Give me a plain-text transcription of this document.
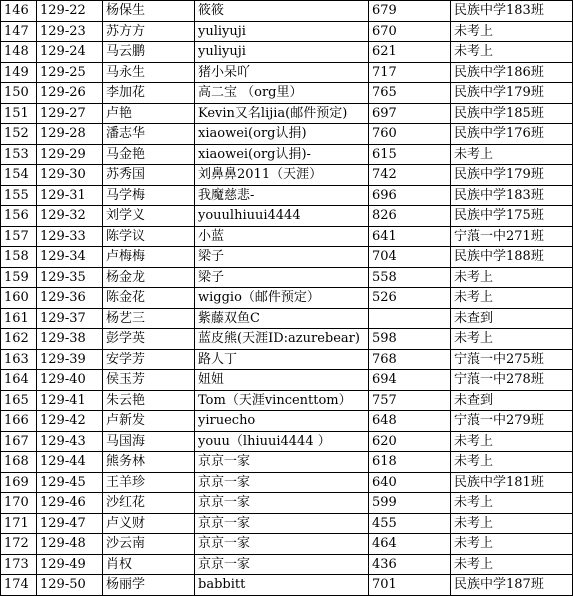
146	129-22	杨保生	筱筱	679	民族中学183班
147	129-23	苏方方	yuliyuji	670	未考上
148	129-24	马云鹏	yuliyuji	621	未考上
149	129-25	马永生	猪小呆吖	717	民族中学186班
150	129-26	李加花	高二宝 （org里）	765	民族中学179班
151	129-27	卢艳	Kevin又名lijia(邮件预定)	697	民族中学185班
152	129-28	潘志华	xiaowei(org认捐)	760	民族中学176班
153	129-29	马金艳	xiaowei(org认捐)-	615	未考上
154	129-30	苏秀国	刘鼻鼻2011（天涯）	742	民族中学179班
155	129-31	马学梅	我魔慈悲-	696	民族中学183班
156	129-32	刘学义	youulhiuui4444	826	民族中学175班
157	129-33	陈学议	小蓝	641	宁蒗一中271班
158	129-34	卢梅梅	梁子	704	民族中学188班
159	129-35	杨金龙	梁子	558	未考上
160	129-36	陈金花	wiggio（邮件预定）	526	未考上
161	129-37	杨艺三	紫藤双鱼C		未查到
162	129-38	彭学英	蓝皮熊(天涯ID:azurebear)	598	未考上
163	129-39	安学芳	路人丁	768	宁蒗一中275班
164	129-40	侯玉芳	妞妞	694	宁蒗一中278班
165	129-41	朱云艳	Tom（天涯vincenttom）	757	未查到
166	129-42	卢新发	yiruecho	648	宁蒗一中279班
167	129-43	马国海	youu（lhiuui4444 ）	620	未考上
168	129-44	熊务林	京京一家	618	未考上
169	129-45	王羊珍	京京一家	640	民族中学181班
170	129-46	沙红花	京京一家	599	未考上
171	129-47	卢义财	京京一家	455	未考上
172	129-48	沙云南	京京一家	464	未考上
173	129-49	肖权	京京一家	436	未考上
174	129-50	杨丽学	babbitt	701	民族中学187班
